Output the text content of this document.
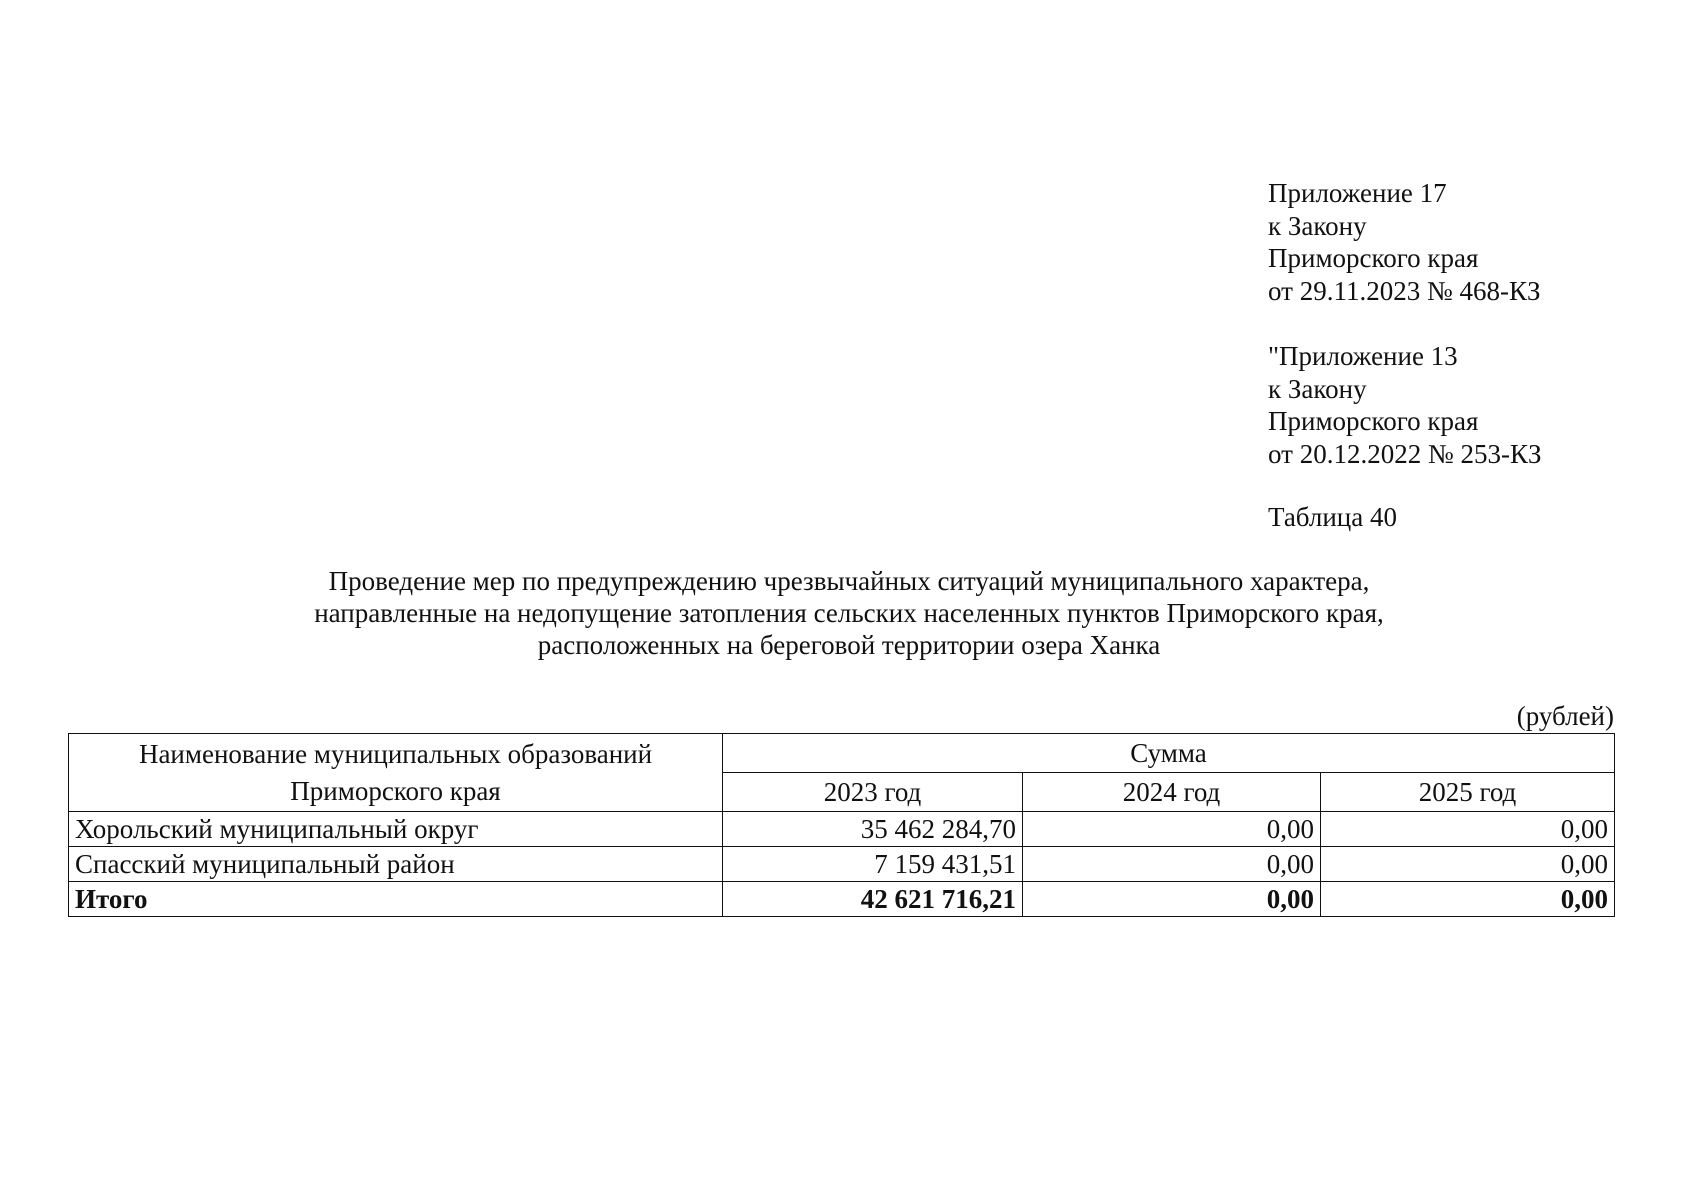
Приложение 17
к Закону
Приморского края
от 29.11.2023 № 468-КЗ
"Приложение 13
к Закону
Приморского края
от 20.12.2022 № 253-КЗ
Таблица 40
Проведение мер по предупреждению чрезвычайных ситуаций муниципального характера,
направленные на недопущение затопления сельских населенных пунктов Приморского края,
расположенных на береговой территории озера Ханка
(рублей)
Наименование муниципальных образований
Приморского края	Сумма		
	2023 год	2024 год	2025 год
Хорольский муниципальный округ	35 462 284,70	0,00	0,00
Спасский муниципальный район	7 159 431,51	0,00	0,00
Итого	42 621 716,21	0,00	0,00
